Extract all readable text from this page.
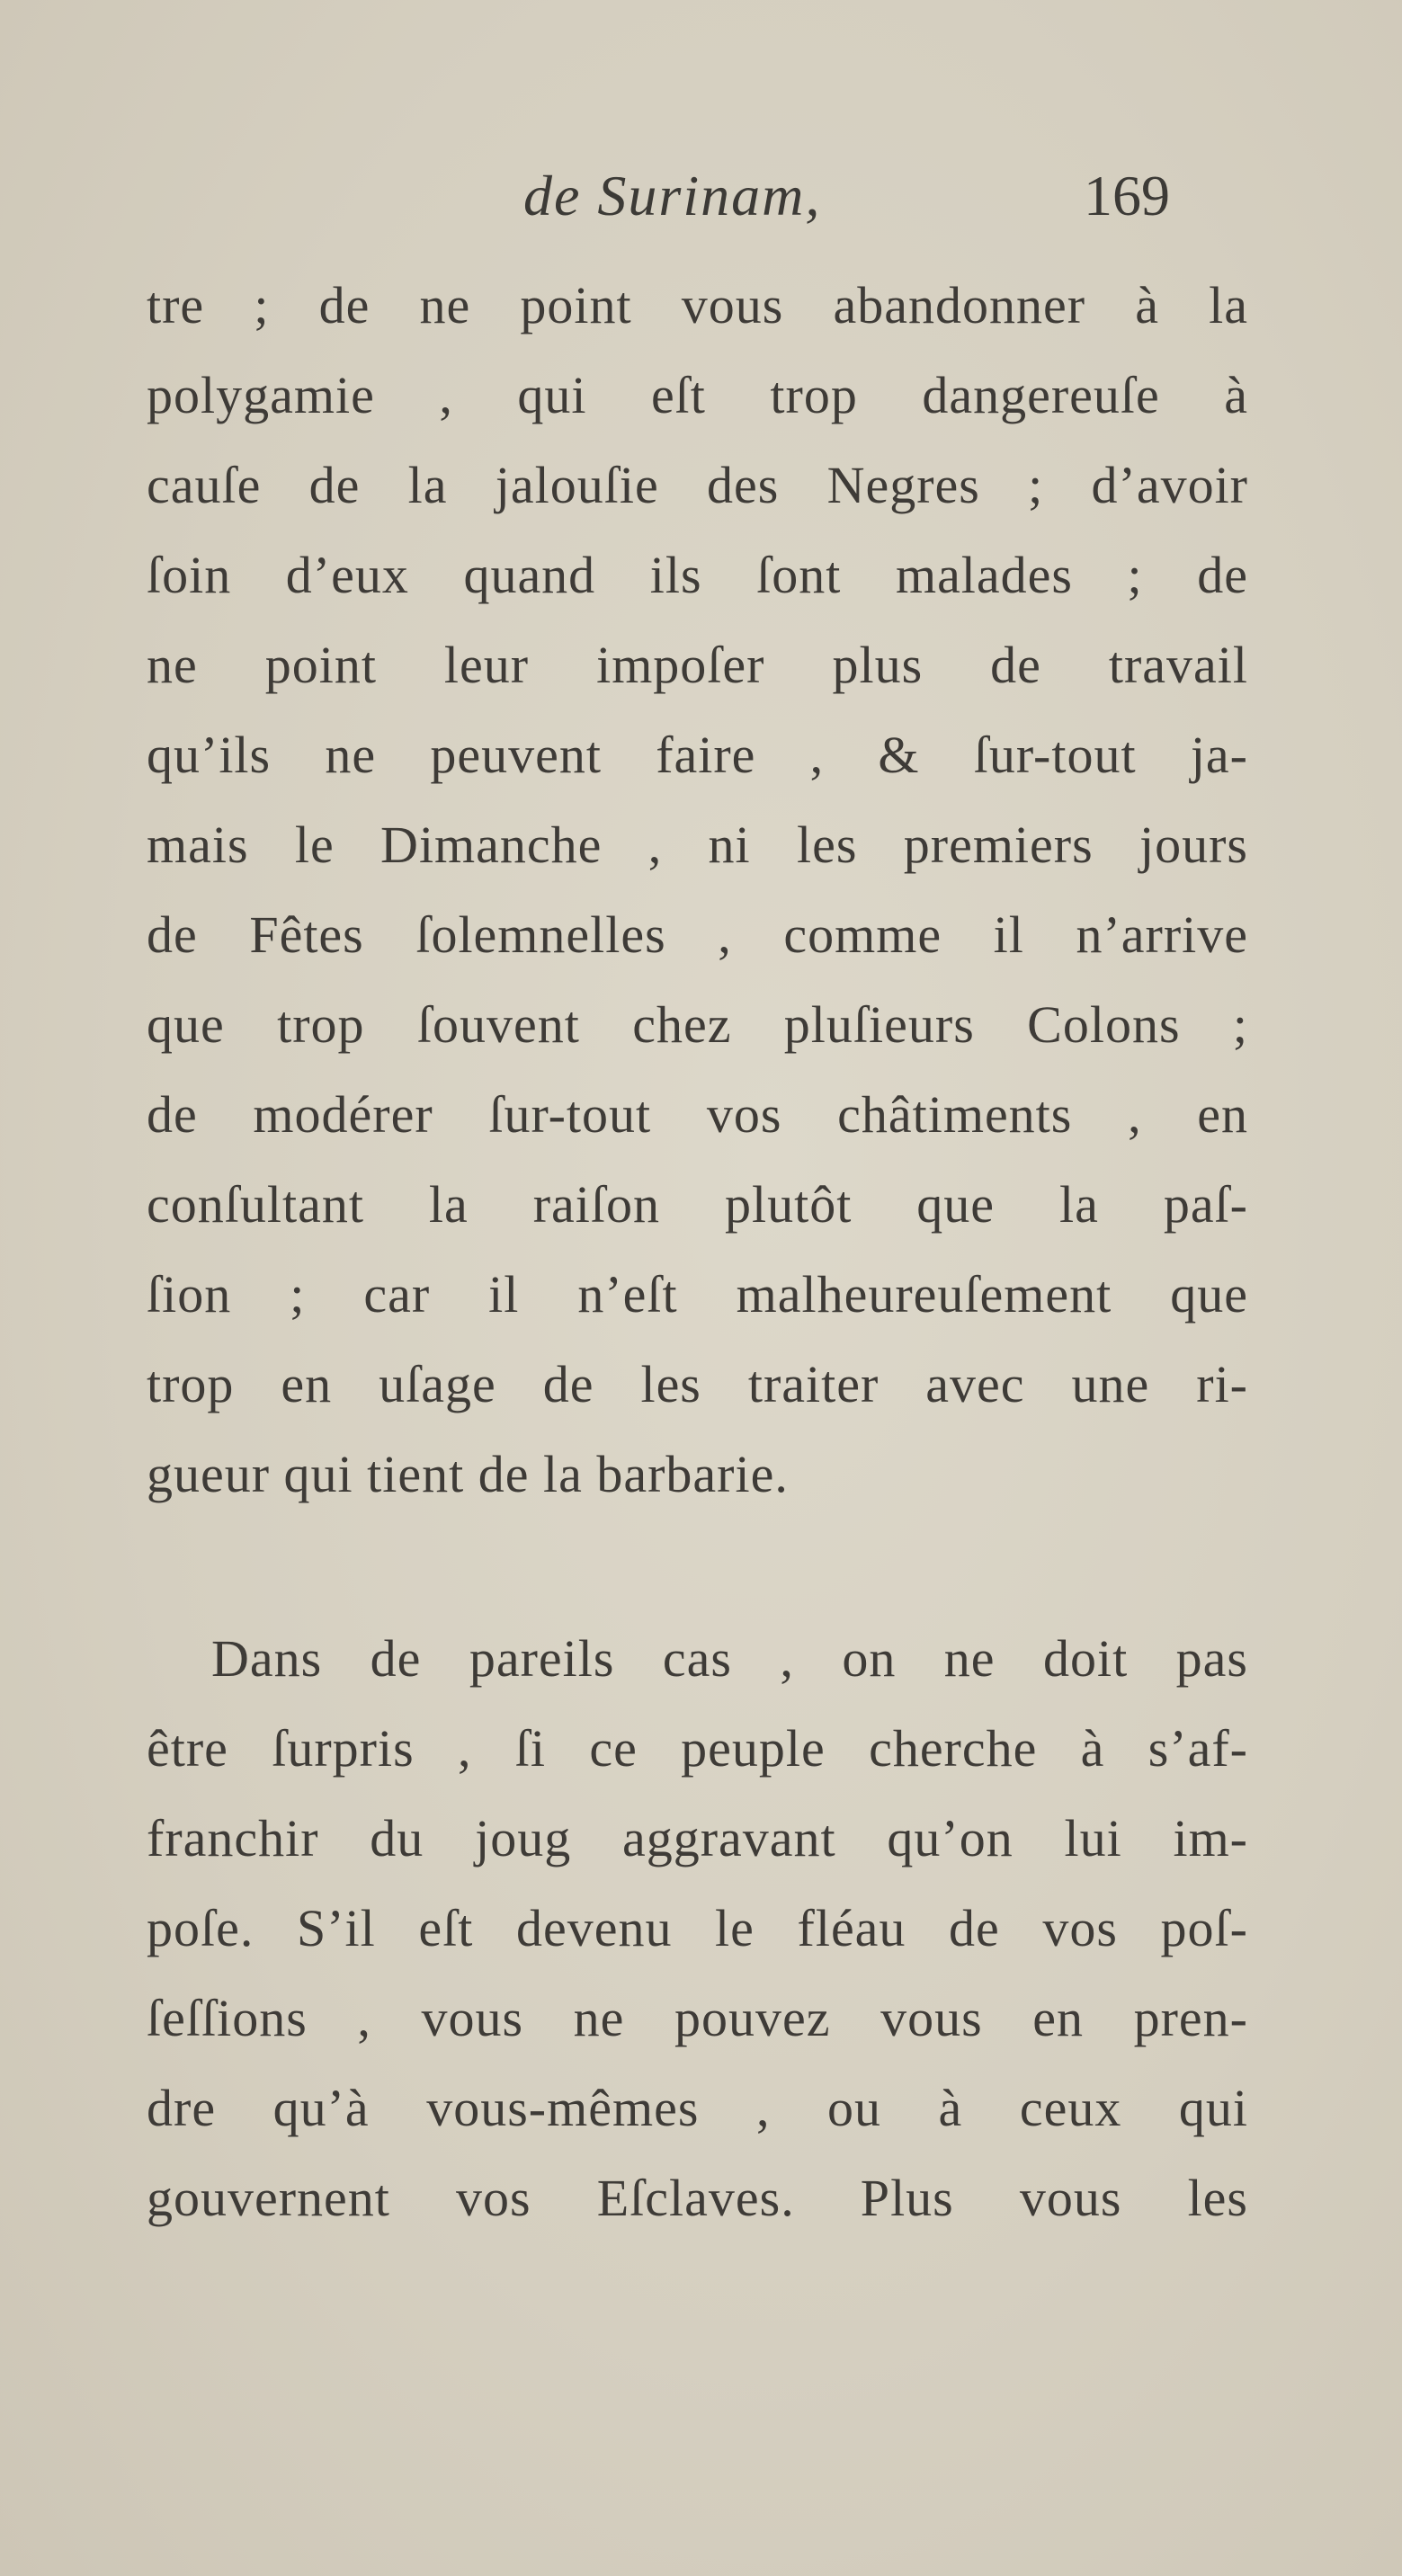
de Surinam,	169
tre ; de ne point vous abandonner à la
polygamie , qui eſt trop dangereuſe à
cauſe de la jalouſie des Negres ; d’avoir
ſoin d’eux quand ils ſont malades ; de
ne point leur impoſer plus de travail
qu’ils ne peuvent faire , & ſur-tout ja-
mais le Dimanche , ni les premiers jours
de Fêtes ſolemnelles , comme il n’arrive
que trop ſouvent chez pluſieurs Colons ;
de modérer ſur-tout vos châtiments , en
conſultant la raiſon plutôt que la paſ-
ſion ; car il n’eſt malheureuſement que
trop en uſage de les traiter avec une ri-
gueur qui tient de la barbarie.
Dans de pareils cas , on ne doit pas
être ſurpris , ſi ce peuple cherche à s’af-
franchir du joug aggravant qu’on lui im-
poſe. S’il eſt devenu le fléau de vos poſ-
ſeſſions , vous ne pouvez vous en pren-
dre qu’à vous-mêmes , ou à ceux qui
gouvernent vos Eſclaves. Plus vous les
